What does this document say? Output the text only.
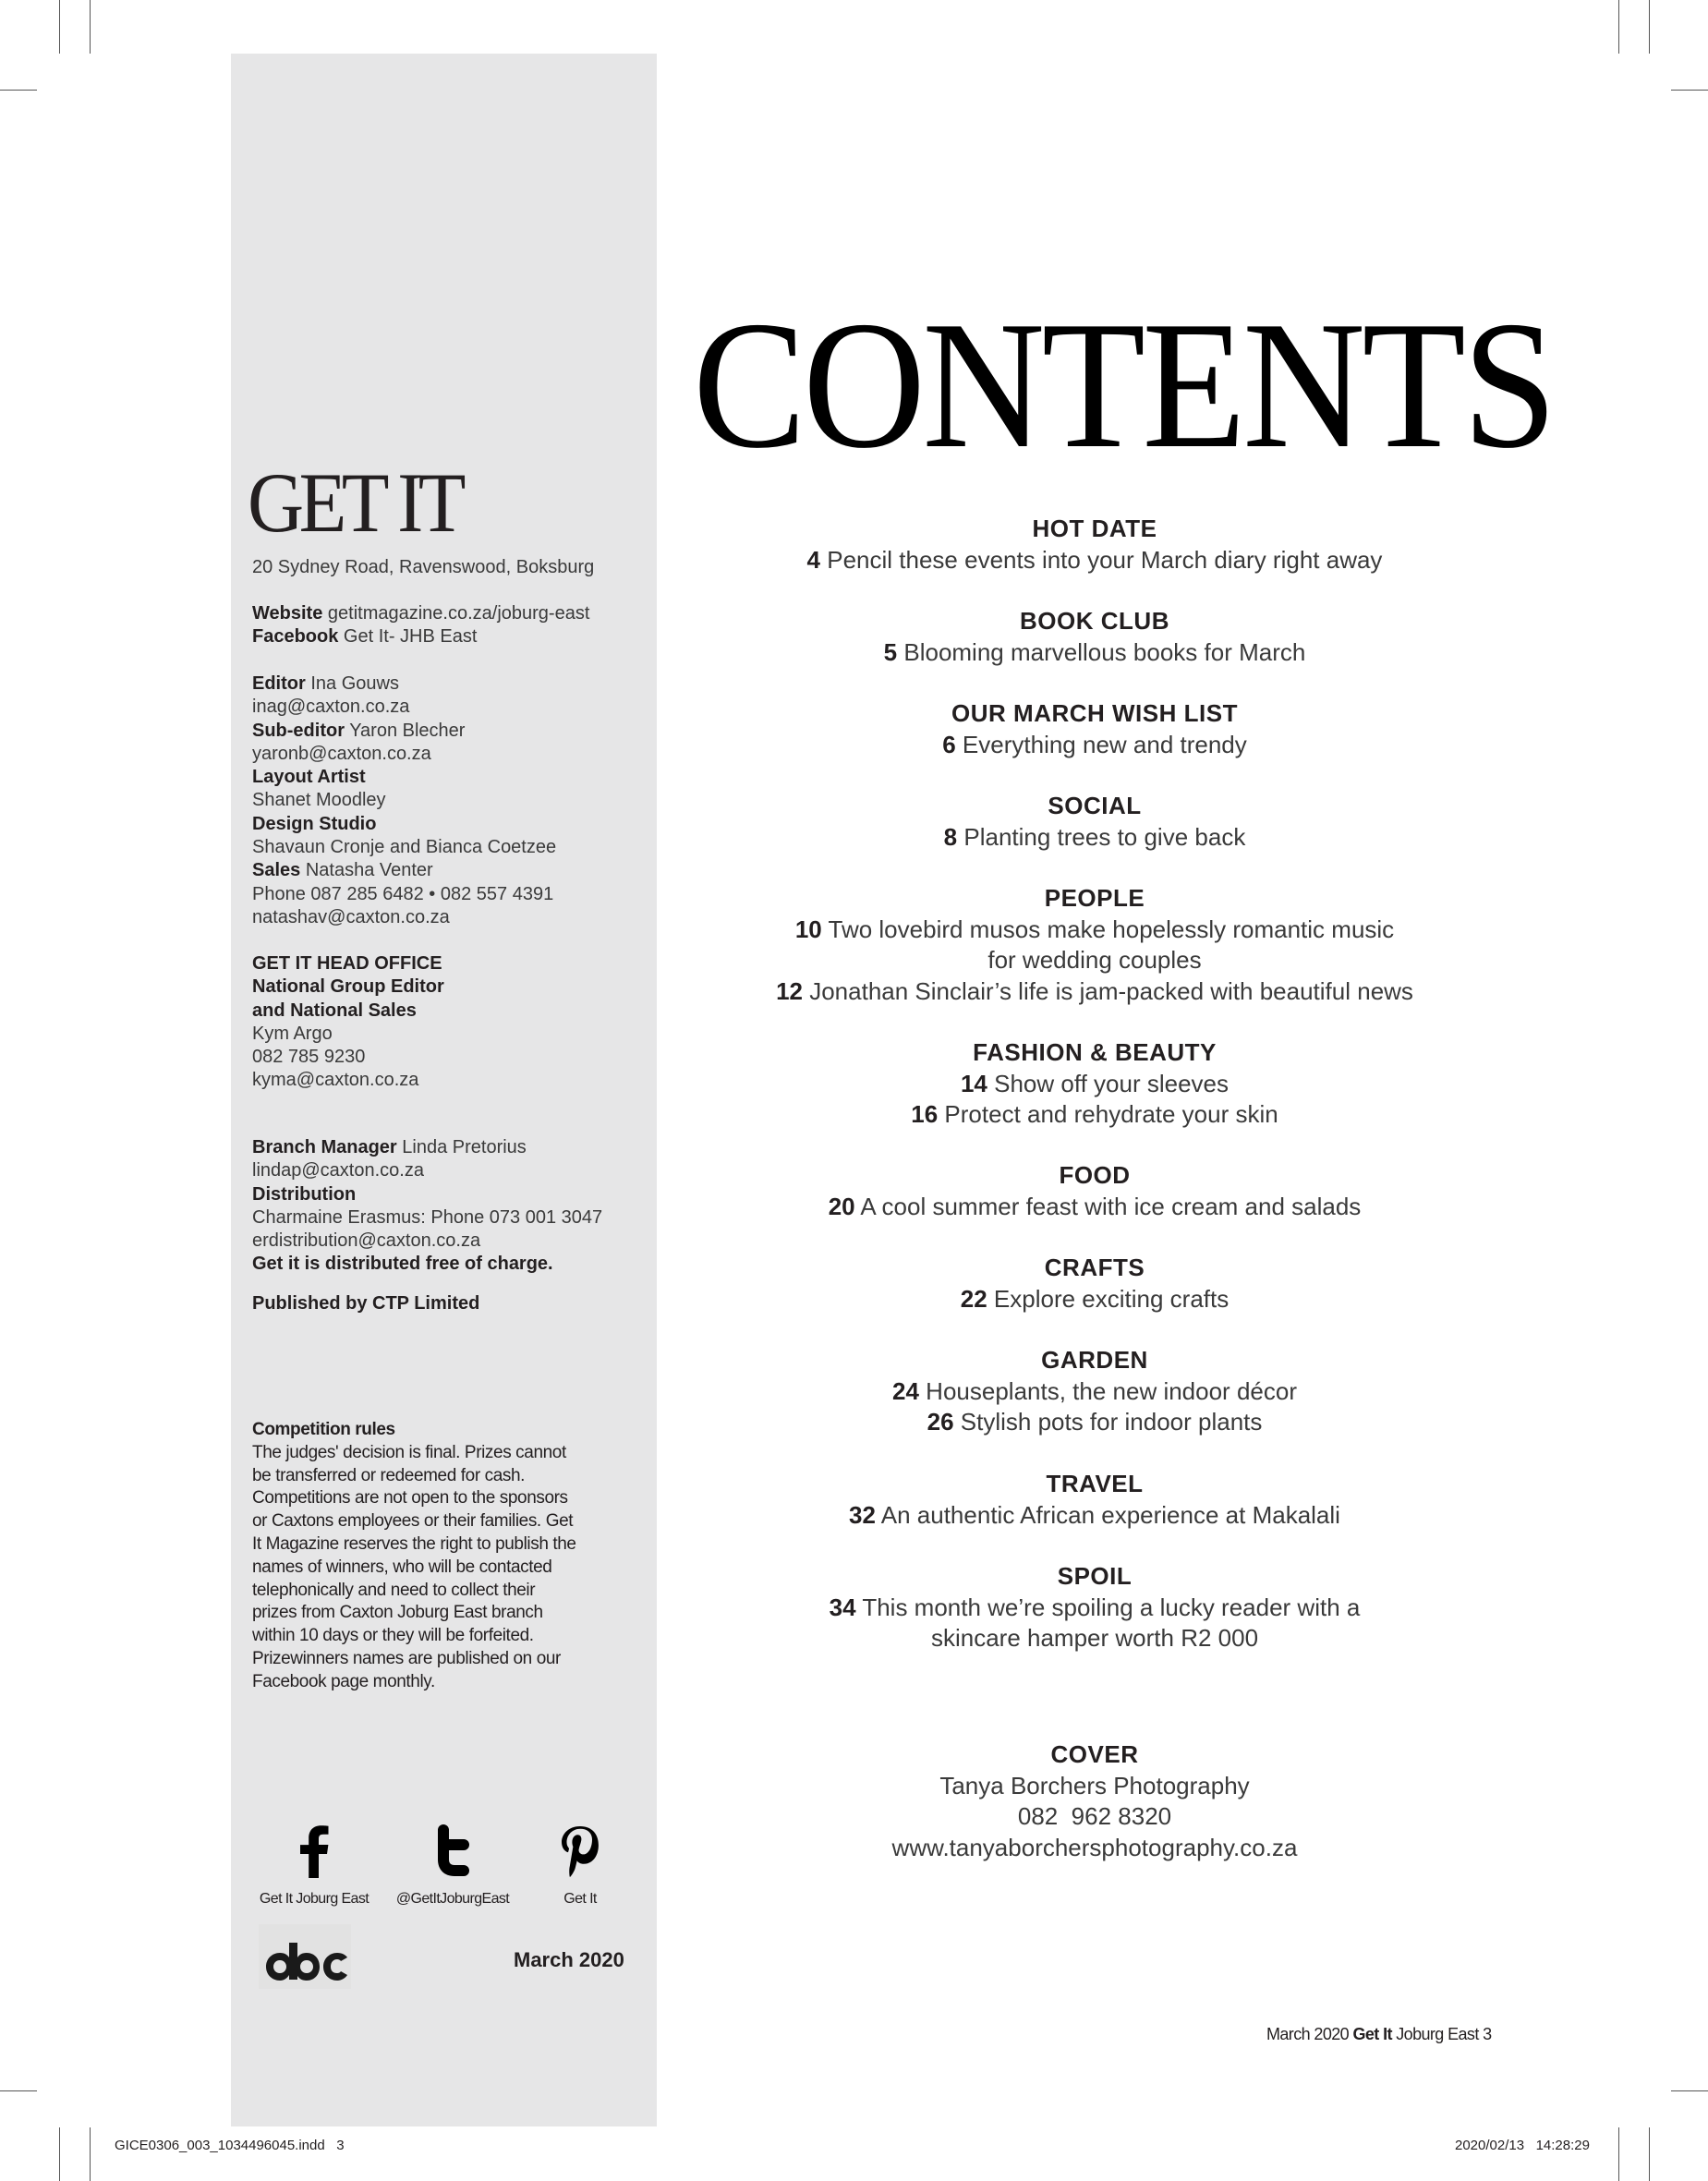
GET IT
20 Sydney Road, Ravenswood, Boksburg
Website getitmagazine.co.za/joburg-east
Facebook Get It- JHB East
Editor Ina Gouws
inag@caxton.co.za
Sub-editor Yaron Blecher
yaronb@caxton.co.za
Layout Artist
Shanet Moodley
Design Studio
Shavaun Cronje and Bianca Coetzee
Sales Natasha Venter
Phone 087 285 6482 • 082 557 4391
natashav@caxton.co.za
GET IT HEAD OFFICE
National Group Editor
and National Sales
Kym Argo
082 785 9230
kyma@caxton.co.za
Branch Manager Linda Pretorius
lindap@caxton.co.za
Distribution
Charmaine Erasmus: Phone 073 001 3047
erdistribution@caxton.co.za
Get it is distributed free of charge.
Published by CTP Limited
Competition rules
The judges' decision is final. Prizes cannot
be transferred or redeemed for cash.
Competitions are not open to the sponsors
or Caxtons employees or their families. Get
It Magazine reserves the right to publish the
names of winners, who will be contacted
telephonically and need to collect their
prizes from Caxton Joburg East branch
within 10 days or they will be forfeited.
Prizewinners names are published on our
Facebook page monthly.
Get It Joburg East	@GetItJoburgEast	Get It
March 2020
CONTENTS
HOT DATE
4 Pencil these events into your March diary right away
BOOK CLUB
5 Blooming marvellous books for March
OUR MARCH WISH LIST
6 Everything new and trendy
SOCIAL
8 Planting trees to give back
PEOPLE
10 Two lovebird musos make hopelessly romantic music
for wedding couples
12 Jonathan Sinclair’s life is jam-packed with beautiful news
FASHION & BEAUTY
14 Show off your sleeves
16 Protect and rehydrate your skin
FOOD
20 A cool summer feast with ice cream and salads
CRAFTS
22 Explore exciting crafts
GARDEN
24 Houseplants, the new indoor décor
26 Stylish pots for indoor plants
TRAVEL
32 An authentic African experience at Makalali
SPOIL
34 This month we’re spoiling a lucky reader with a
skincare hamper worth R2 000
COVER
Tanya Borchers Photography
082  962 8320
www.tanyaborchersphotography.co.za
March 2020 Get It Joburg East 3
GICE0306_003_1034496045.indd   3	2020/02/13   14:28:29
